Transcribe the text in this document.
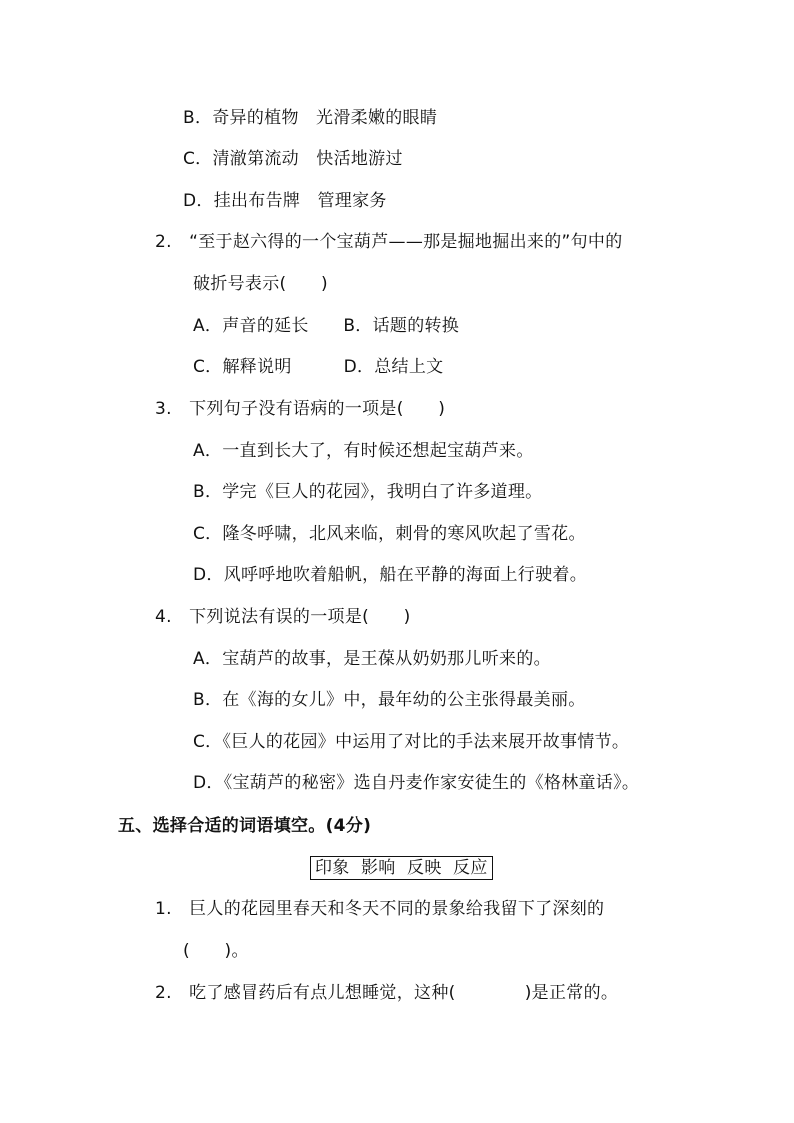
B．奇异的植物　光滑柔嫩的眼睛
C．清澈第流动　快活地游过
D．挂出布告牌　管理家务
2.　“至于赵六得的一个宝葫芦——那是掘地掘出来的”句中的
破折号表示(　　)
A．声音的延长　　B．话题的转换
C．解释说明　　　D．总结上文
3.　下列句子没有语病的一项是(　　)
A．一直到长大了，有时候还想起宝葫芦来。
B．学完《巨人的花园》，我明白了许多道理。
C．隆冬呼啸，北风来临，刺骨的寒风吹起了雪花。
D．风呼呼地吹着船帆，船在平静的海面上行驶着。
4.　下列说法有误的一项是(　　)
A．宝葫芦的故事，是王葆从奶奶那儿听来的。
B．在《海的女儿》中，最年幼的公主张得最美丽。
C．《巨人的花园》中运用了对比的手法来展开故事情节。
D．《宝葫芦的秘密》选自丹麦作家安徒生的《格林童话》。
五、选择合适的词语填空。(4分)
印象  影响  反映  反应
1.　巨人的花园里春天和冬天不同的景象给我留下了深刻的
(　　)。
2.　吃了感冒药后有点儿想睡觉，这种(　　　　)是正常的。
